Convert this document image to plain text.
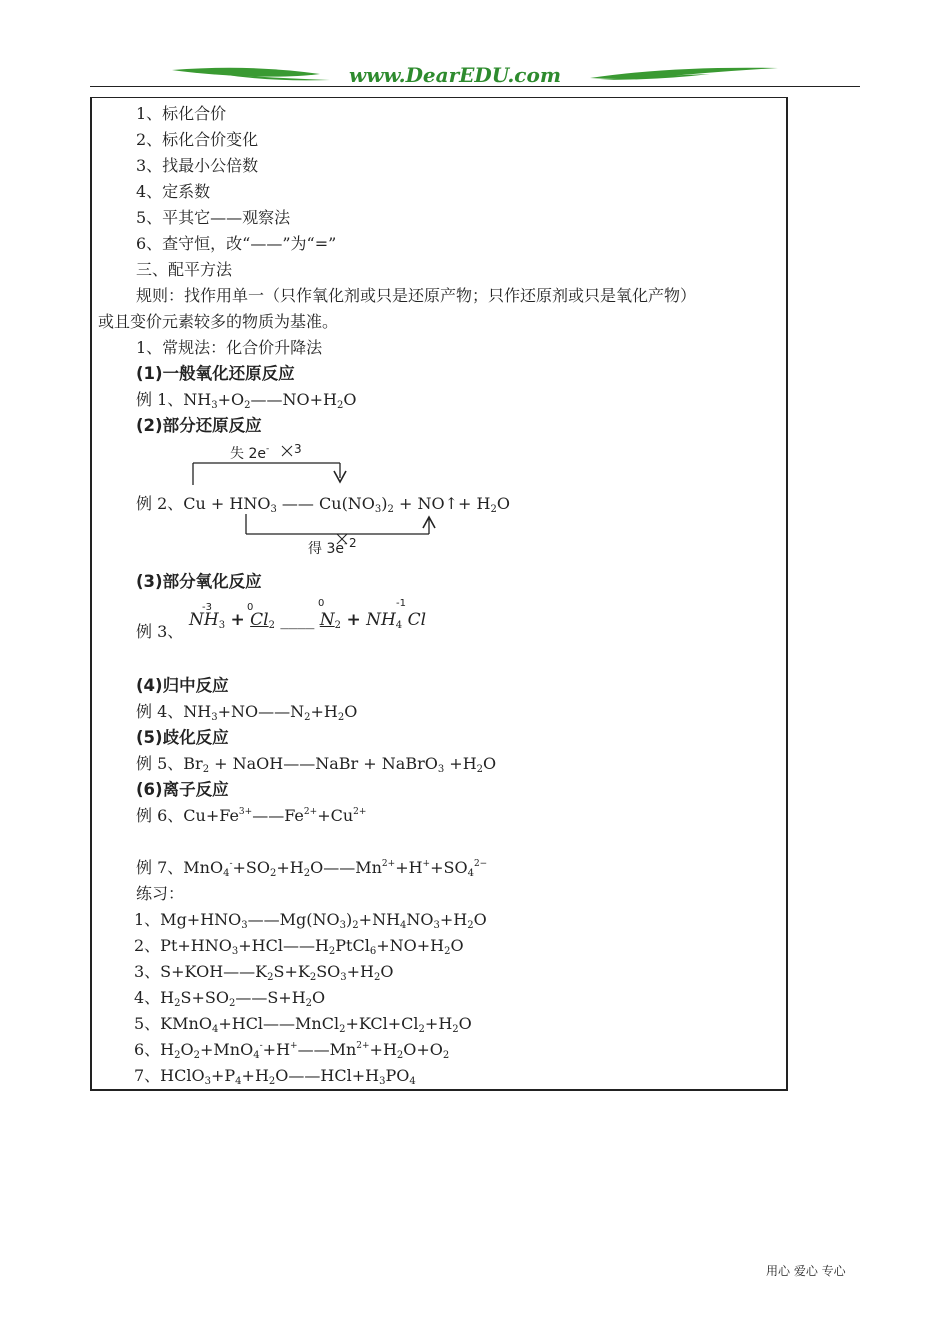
www.DearEDU.com
1、标化合价
2、标化合价变化
3、找最小公倍数
4、定系数
5、平其它——观察法
6、查守恒，改“——”为“=”
三、配平方法
规则：找作用单一（只作氧化剂或只是还原产物；只作还原剂或只是氧化产物）
或且变价元素较多的物质为基准。
1、常规法：化合价升降法
(1)一般氧化还原反应
例 1、$NH_3+O_2——NO+H_2O$
(2)部分还原反应
失 2e- 3
得 3e- 2
例 2、$Cu + HNO_3$ —— $Cu(NO_3)_2$ + NO↑+ $H_2O$
(3)部分氧化反应
例 3、
-3	0	0	-1
$NH_3 + Cl_2$ ____ $N_2 + NH_4$ Cl
(4)归中反应
例 4、$NH_3+NO——N_2+H_2O$
(5)歧化反应
例 5、$Br_2$ + NaOH——NaBr + NaBrO$_3$ $+H_2O$
(6)离子反应
例 6、$Cu+Fe^{3+}——Fe^{2+}+Cu^{2+}$
例 7、$MnO_4^-+SO_2+H_2O——Mn^{2+}+H^++SO_4^{2-}$
练习：
1、$Mg+HNO_3——Mg(NO_3)_2+NH_4NO_3+H_2O$
2、$Pt+HNO_3+HCl——H_2PtCl_6+NO+H_2O$
3、$S+KOH——K_2S+K_2SO_3+H_2O$
4、$H_2S+SO_2——S+H_2O$
5、$KMnO_4+HCl——MnCl_2+KCl+Cl_2+H_2O$
6、$H_2O_2+MnO_4^-+H^+——Mn^{2+}+H_2O+O_2$
7、$HClO_3+P_4+H_2O——HCl+H_3PO_4$
用心 爱心 专心
